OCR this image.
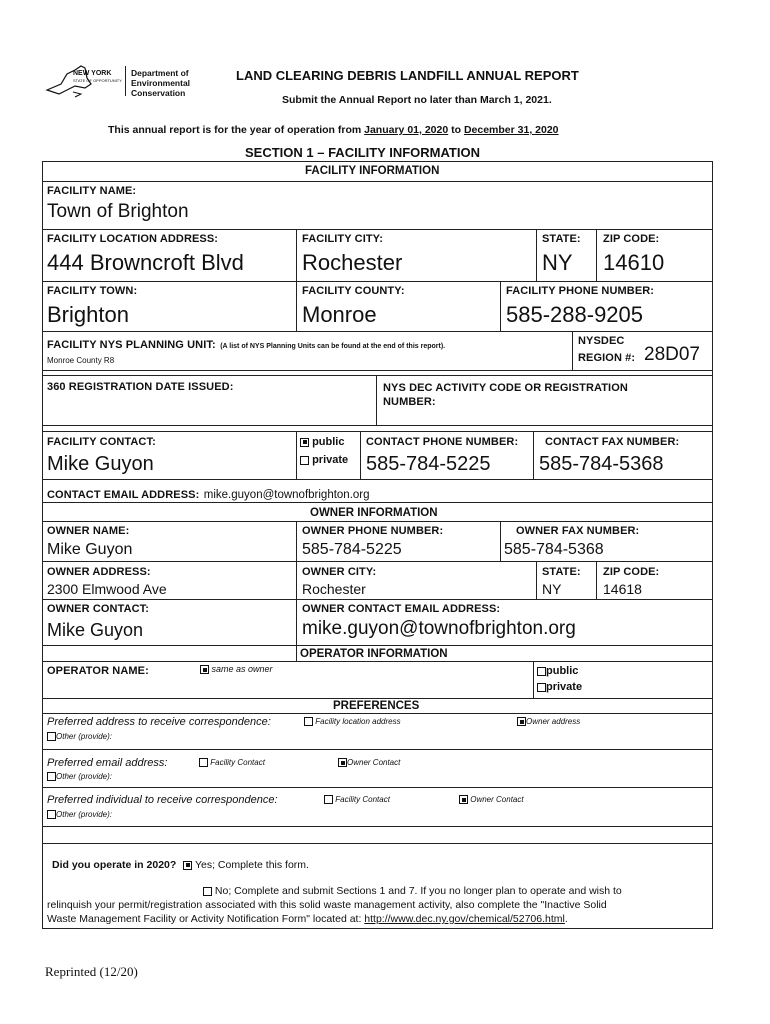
NEW YORK
STATE OF OPPORTUNITY
Department of
Environmental
Conservation
LAND CLEARING DEBRIS LANDFILL ANNUAL REPORT
Submit the Annual Report no later than March 1, 2021.
This annual report is for the year of operation from January 01, 2020 to December 31, 2020
SECTION 1 – FACILITY INFORMATION
FACILITY INFORMATION
FACILITY NAME:
Town of Brighton
FACILITY LOCATION ADDRESS:
444 Browncroft Blvd
FACILITY CITY:
Rochester
STATE:
NY
ZIP CODE:
14610
FACILITY TOWN:
Brighton
FACILITY COUNTY:
Monroe
FACILITY PHONE NUMBER:
585-288-9205
FACILITY NYS PLANNING UNIT: (A list of NYS Planning Units can be found at the end of this report).
Monroe County R8
NYSDEC
REGION #: 28D07
360 REGISTRATION DATE ISSUED:	NYS DEC ACTIVITY CODE OR REGISTRATION NUMBER:
FACILITY CONTACT:
Mike Guyon
public
private
CONTACT PHONE NUMBER:
585-784-5225
CONTACT FAX NUMBER:
585-784-5368
CONTACT EMAIL ADDRESS: mike.guyon@townofbrighton.org
OWNER INFORMATION
OWNER NAME:
Mike Guyon
OWNER PHONE NUMBER:
585-784-5225
OWNER FAX NUMBER:
585-784-5368
OWNER ADDRESS:
2300 Elmwood Ave
OWNER CITY:
Rochester
STATE:
NY
ZIP CODE:
14618
OWNER CONTACT:
Mike Guyon
OWNER CONTACT EMAIL ADDRESS:
mike.guyon@townofbrighton.org
OPERATOR INFORMATION
OPERATOR NAME:	same as owner	public
private
PREFERENCES
Preferred address to receive correspondence:	Facility location address	Owner address
Other (provide):
Preferred email address:	Facility Contact	Owner Contact
Other (provide):
Preferred individual to receive correspondence:	Facility Contact	Owner Contact
Other (provide):
Did you operate in 2020? Yes; Complete this form.
No; Complete and submit Sections 1 and 7. If you no longer plan to operate and wish to
relinquish your permit/registration associated with this solid waste management activity, also complete the "Inactive Solid
Waste Management Facility or Activity Notification Form" located at: http://www.dec.ny.gov/chemical/52706.html.
Reprinted (12/20)
